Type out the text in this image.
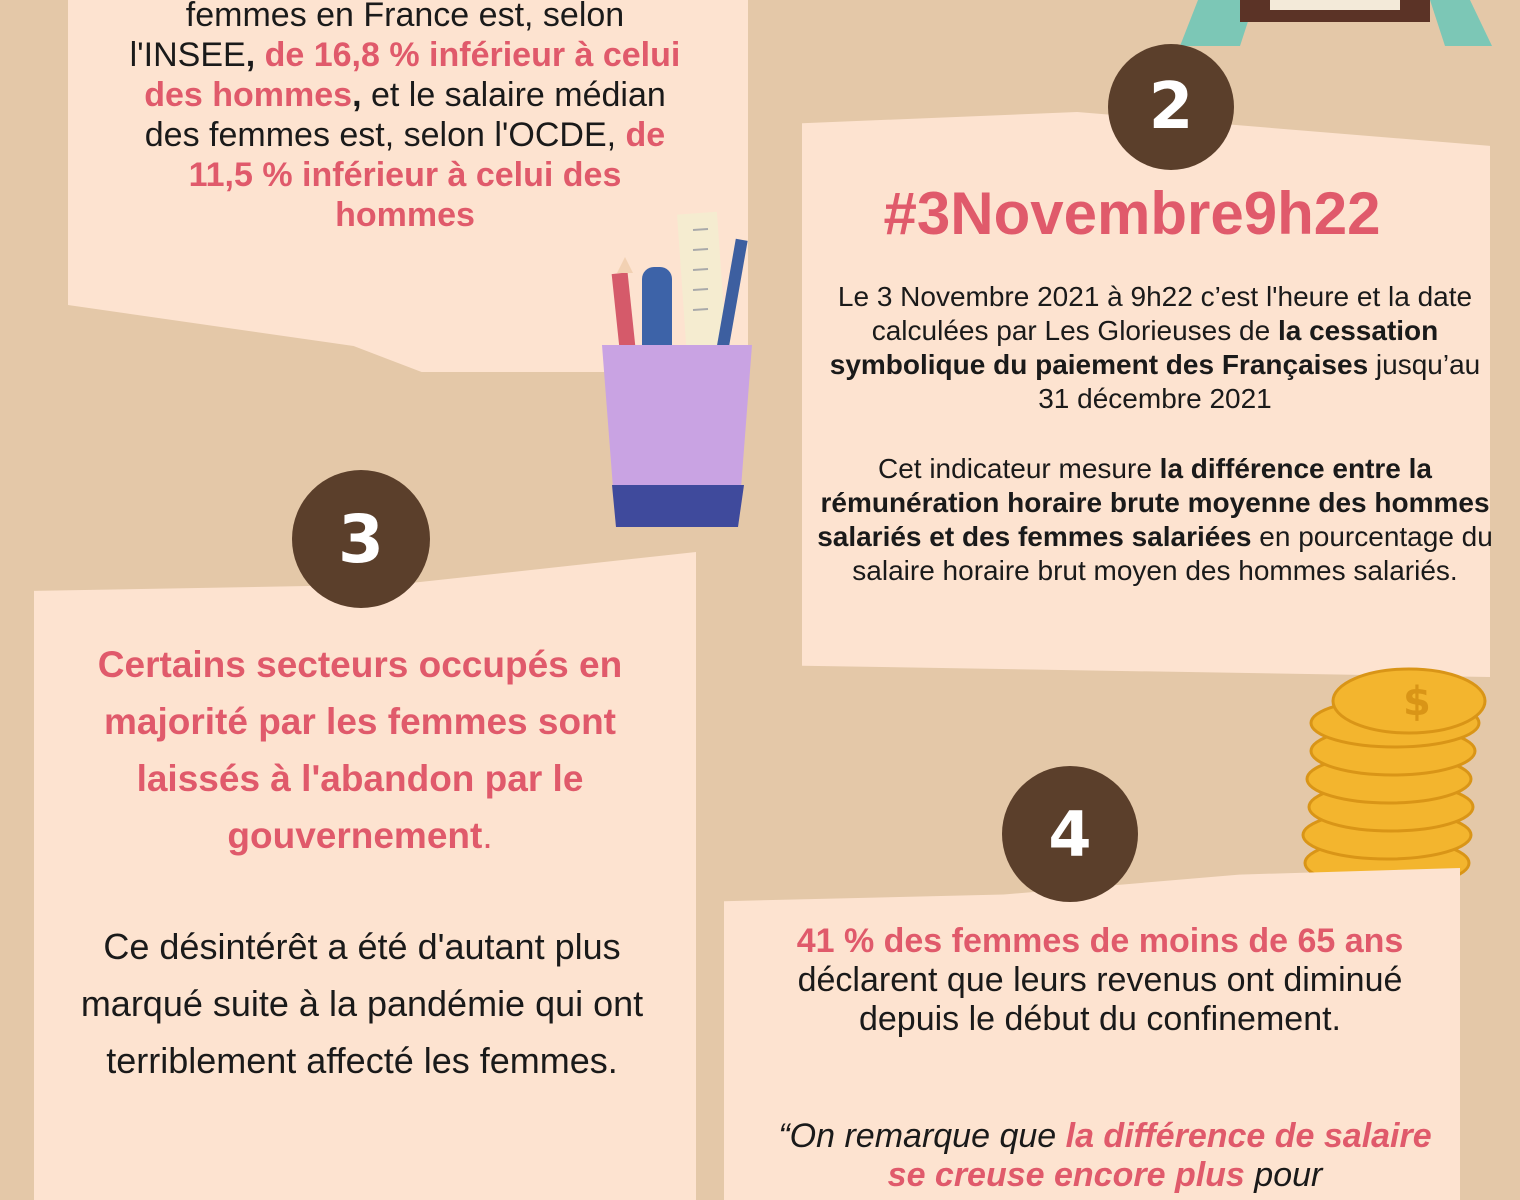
femmes en France est, selon
l'INSEE, de 16,8 % inférieur à celui
des hommes, et le salaire médian
des femmes est, selon l'OCDE, de
11,5 % inférieur à celui des
hommes
2
#3Novembre9h22
Le 3 Novembre 2021 à 9h22 c’est l'heure et la date calculées par Les Glorieuses de la cessation symbolique du paiement des Françaises jusqu’au 31 décembre 2021
Cet indicateur mesure la différence entre la rémunération horaire brute moyenne des hommes salariés et des femmes salariées en pourcentage du salaire horaire brut moyen des hommes salariés.
3
Certains secteurs occupés en majorité par les femmes sont laissés à l'abandon par le gouvernement.
Ce désintérêt a été d'autant plus marqué suite à la pandémie qui ont terriblement affecté les femmes.
$
4
41 % des femmes de moins de 65 ans déclarent que leurs revenus ont diminué depuis le début du confinement.
“On remarque que la différence de salaire se creuse encore plus pour
